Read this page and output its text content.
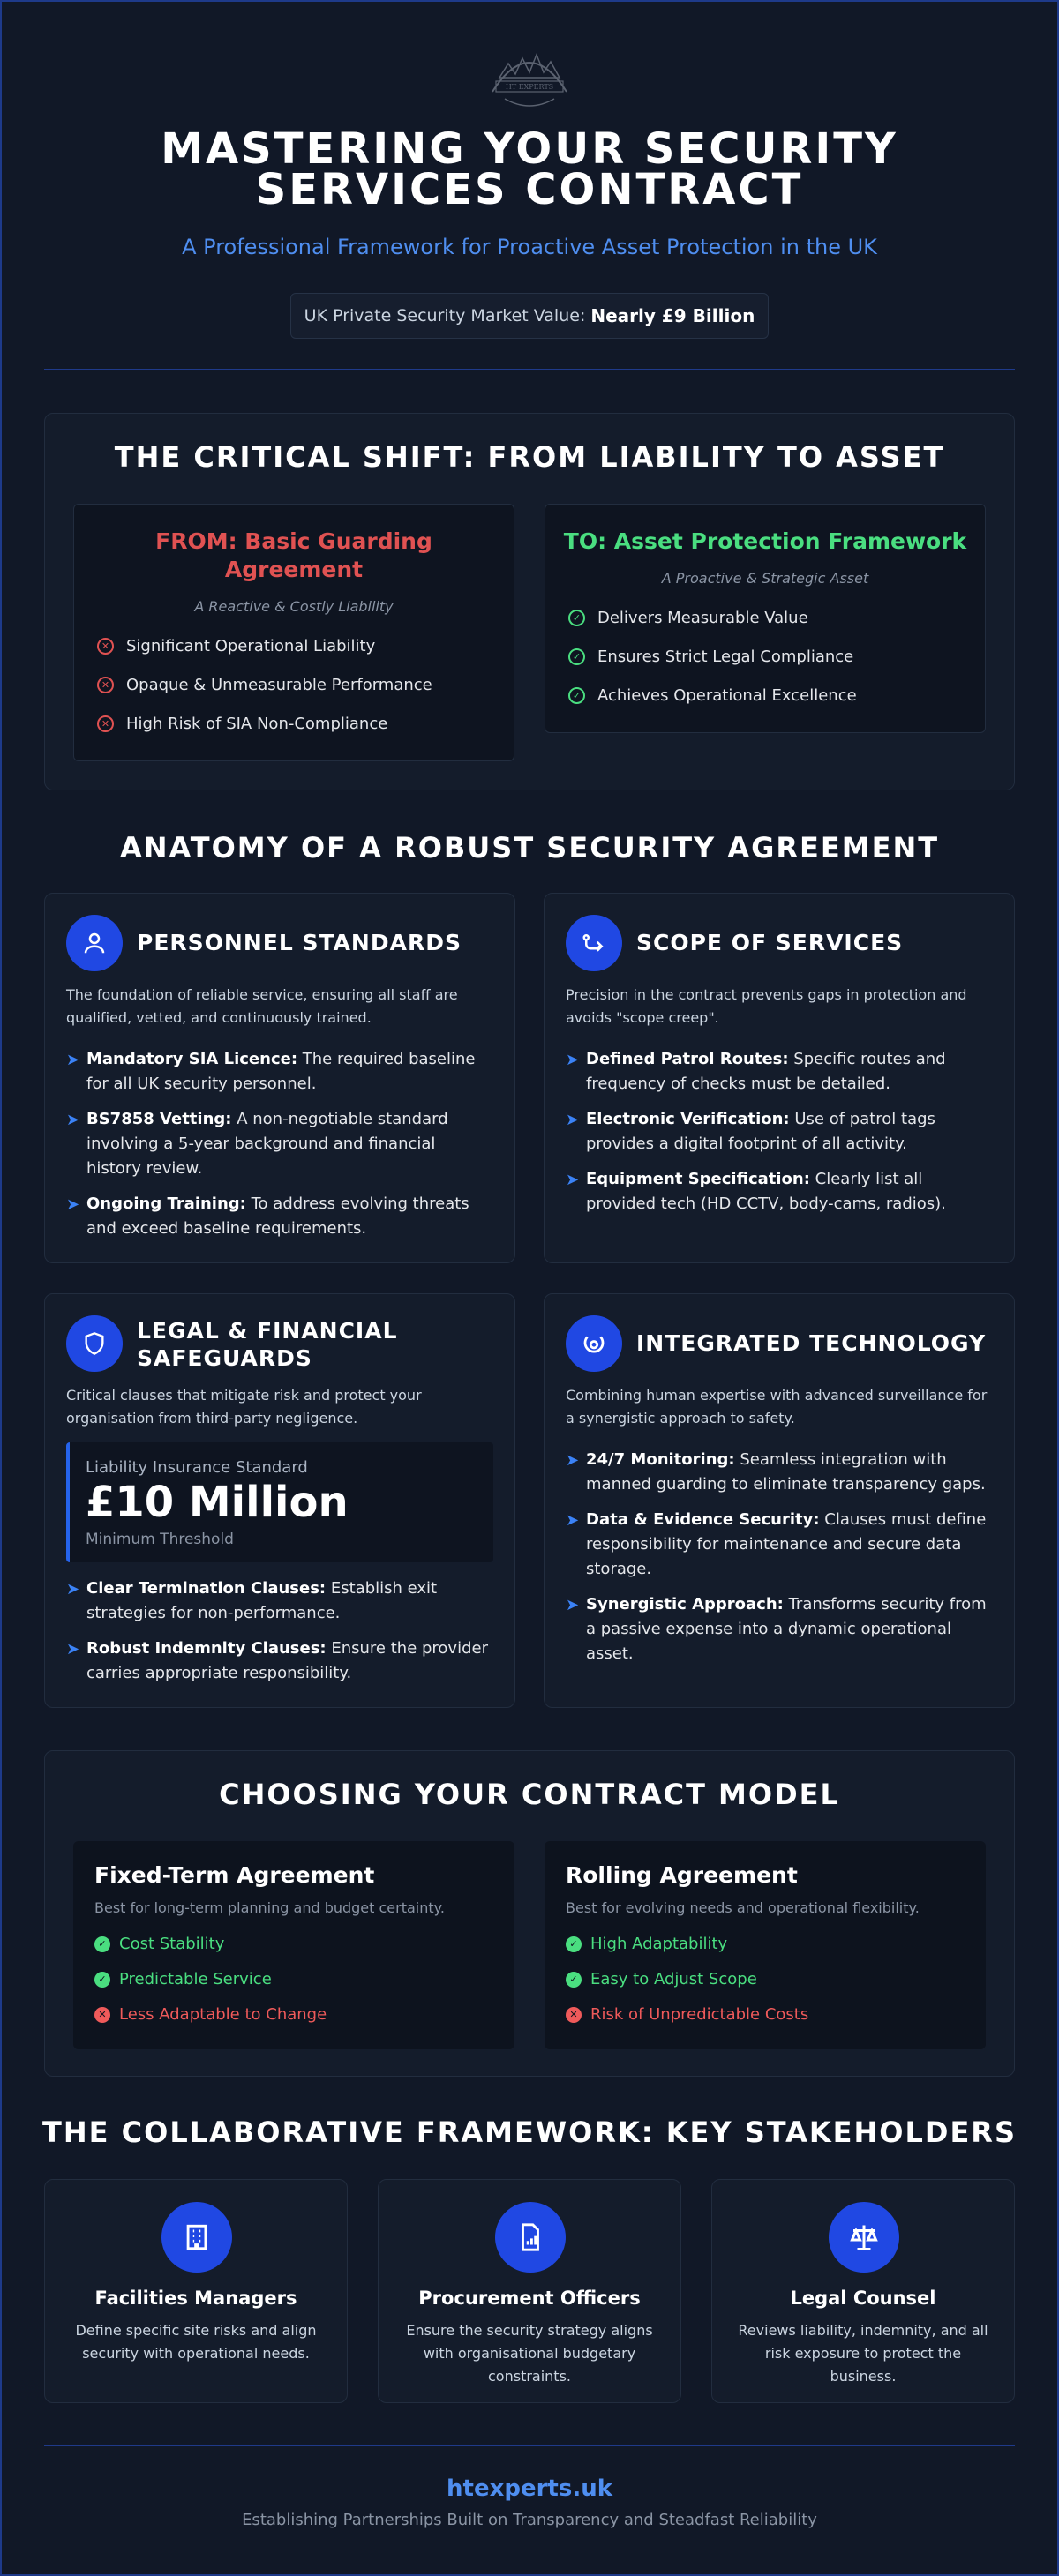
HT EXPERTS
MASTERING YOUR SECURITY
SERVICES CONTRACT
A Professional Framework for Proactive Asset Protection in the UK
UK Private Security Market Value: Nearly £9 Billion
THE CRITICAL SHIFT: FROM LIABILITY TO ASSET
FROM: Basic Guarding
Agreement
A Reactive & Costly Liability
✕ Significant Operational Liability
✕ Opaque & Unmeasurable Performance
✕ High Risk of SIA Non-Compliance
TO: Asset Protection Framework
A Proactive & Strategic Asset
✓ Delivers Measurable Value
✓ Ensures Strict Legal Compliance
✓ Achieves Operational Excellence
ANATOMY OF A ROBUST SECURITY AGREEMENT
PERSONNEL STANDARDS
The foundation of reliable service, ensuring all staff are
qualified, vetted, and continuously trained.
➤ Mandatory SIA Licence: The required baseline
for all UK security personnel.
➤ BS7858 Vetting: A non-negotiable standard
involving a 5-year background and financial
history review.
➤ Ongoing Training: To address evolving threats
and exceed baseline requirements.
SCOPE OF SERVICES
Precision in the contract prevents gaps in protection and
avoids "scope creep".
➤ Defined Patrol Routes: Specific routes and
frequency of checks must be detailed.
➤ Electronic Verification: Use of patrol tags
provides a digital footprint of all activity.
➤ Equipment Specification: Clearly list all
provided tech (HD CCTV, body-cams, radios).
LEGAL & FINANCIAL
SAFEGUARDS
Critical clauses that mitigate risk and protect your
organisation from third-party negligence.
Liability Insurance Standard
£10 Million
Minimum Threshold
➤ Clear Termination Clauses: Establish exit
strategies for non-performance.
➤ Robust Indemnity Clauses: Ensure the provider
carries appropriate responsibility.
INTEGRATED TECHNOLOGY
Combining human expertise with advanced surveillance for
a synergistic approach to safety.
➤ 24/7 Monitoring: Seamless integration with
manned guarding to eliminate transparency gaps.
➤ Data & Evidence Security: Clauses must define
responsibility for maintenance and secure data
storage.
➤ Synergistic Approach: Transforms security from
a passive expense into a dynamic operational
asset.
CHOOSING YOUR CONTRACT MODEL
Fixed-Term Agreement
Best for long-term planning and budget certainty.
✓ Cost Stability
✓ Predictable Service
✕ Less Adaptable to Change
Rolling Agreement
Best for evolving needs and operational flexibility.
✓ High Adaptability
✓ Easy to Adjust Scope
✕ Risk of Unpredictable Costs
THE COLLABORATIVE FRAMEWORK: KEY STAKEHOLDERS
Facilities Managers
Define specific site risks and align
security with operational needs.
Procurement Officers
Ensure the security strategy aligns
with organisational budgetary
constraints.
Legal Counsel
Reviews liability, indemnity, and all
risk exposure to protect the
business.
htexperts.uk
Establishing Partnerships Built on Transparency and Steadfast Reliability
